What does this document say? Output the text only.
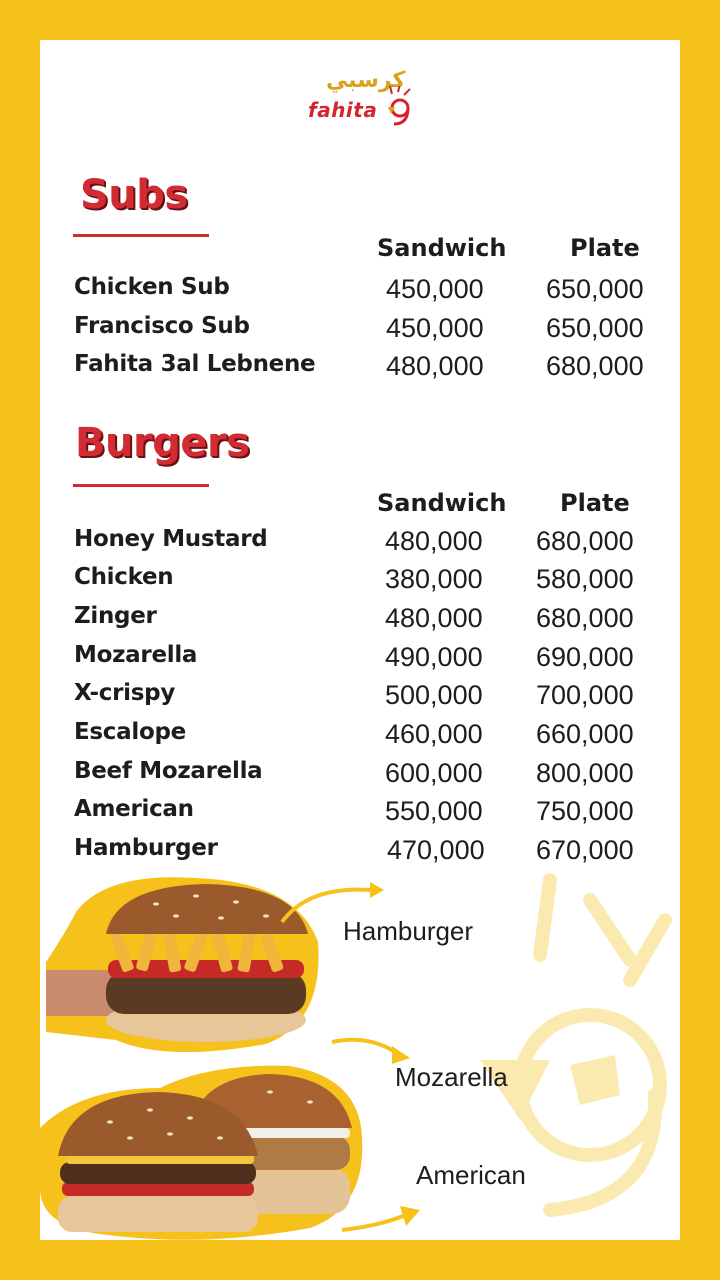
كرسبي
fahita
Subs
Sandwich	Plate
Chicken Sub	450,000 650,000
Francisco Sub	450,000 650,000
Fahita 3al Lebnene	480,000 680,000
Burgers
Sandwich Plate
Honey Mustard	480,000 680,000
Chicken	380,000 580,000
Zinger	480,000 680,000
Mozarella	490,000 690,000
X-crispy	500,000 700,000
Escalope	460,000 660,000
Beef Mozarella	600,000 800,000
American	550,000 750,000
Hamburger	470,000 670,000
Hamburger
Mozarella
American
